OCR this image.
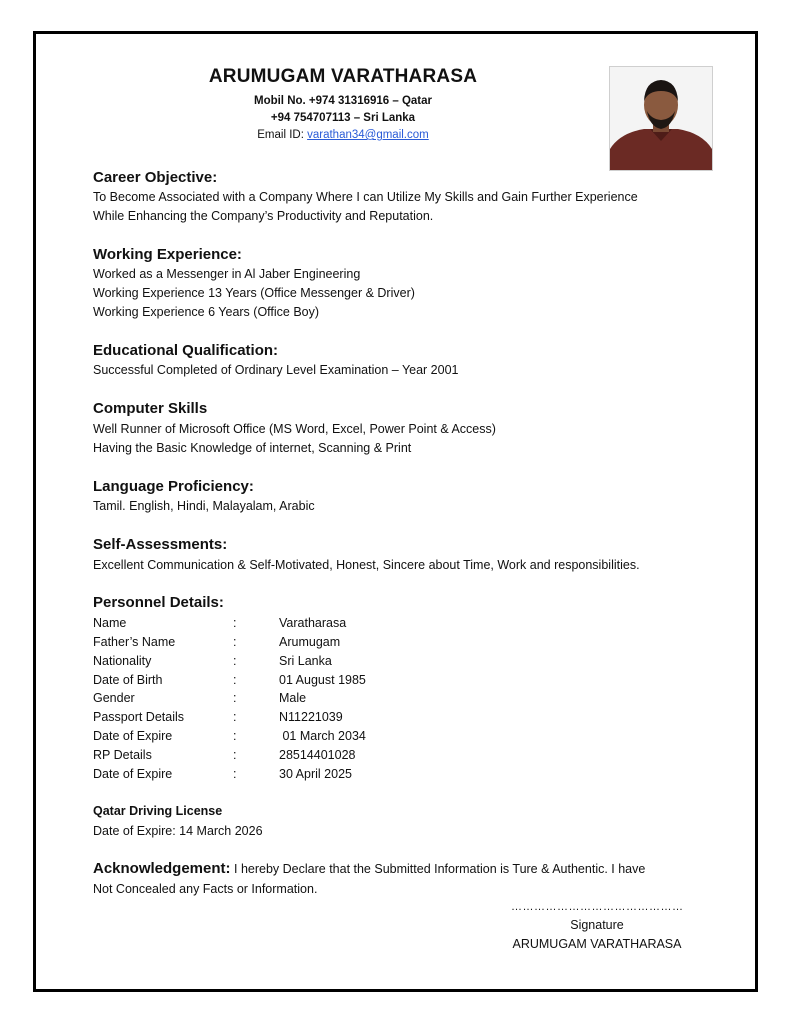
ARUMUGAM VARATHARASA
Mobil No. +974 31316916 – Qatar
+94 754707113 – Sri Lanka
Email ID: varathan34@gmail.com
Career Objective:
To Become Associated with a Company Where I can Utilize My Skills and Gain Further Experience
While Enhancing the Company’s Productivity and Reputation.
Working Experience:
Worked as a Messenger in Al Jaber Engineering
Working Experience 13 Years (Office Messenger & Driver)
Working Experience 6 Years (Office Boy)
Educational Qualification:
Successful Completed of Ordinary Level Examination – Year 2001
Computer Skills
Well Runner of Microsoft Office (MS Word, Excel, Power Point & Access)
Having the Basic Knowledge of internet, Scanning & Print
Language Proficiency:
Tamil. English, Hindi, Malayalam, Arabic
Self-Assessments:
Excellent Communication & Self-Motivated, Honest, Sincere about Time, Work and responsibilities.
Personnel Details:
Name	:	Varatharasa
Father’s Name	:	Arumugam
Nationality	:	Sri Lanka
Date of Birth	:	01 August 1985
Gender	:	Male
Passport Details	:	N11221039
Date of Expire	:	01 March 2034
RP Details	:	28514401028
Date of Expire	:	30 April 2025
Qatar Driving License
Date of Expire: 14 March 2026
Acknowledgement: I hereby Declare that the Submitted Information is Ture & Authentic. I have
Not Concealed any Facts or Information.
………………………………………
Signature
ARUMUGAM VARATHARASA
